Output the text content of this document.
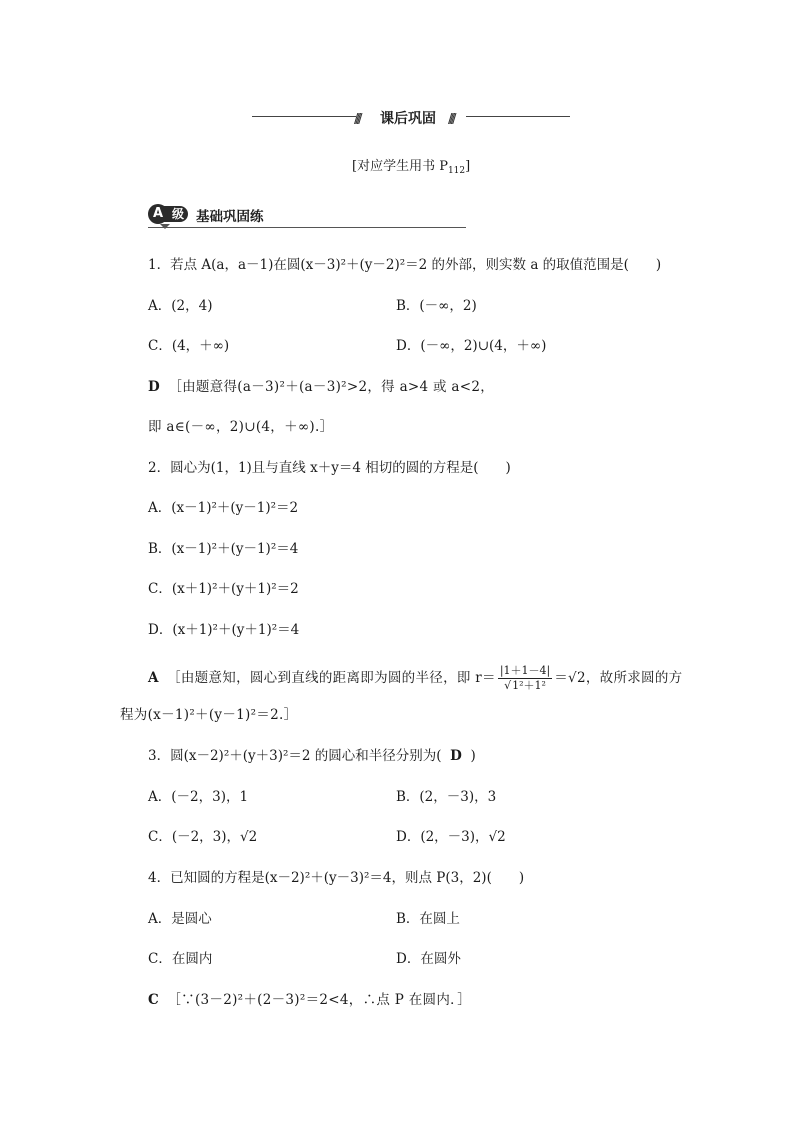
//// 课后巩固 ////
[对应学生用书 $P_{112}$]
级
A	基础巩固练
1．若点 A(a，a－1)在圆(x－3)²＋(y－2)²＝2 的外部，则实数 a 的取值范围是(　　)
A．(2，4)	B．(－∞，2)
C．(4，＋∞)	D．(－∞，2)∪(4，＋∞)
D ［由题意得(a－3)²＋(a－3)²>2，得 a>4 或 a<2，
即 a∈(－∞，2)∪(4，＋∞).］
2．圆心为(1，1)且与直线 x＋y＝4 相切的圆的方程是(　　)
A．(x－1)²＋(y－1)²＝2
B．(x－1)²＋(y－1)²＝4
C．(x＋1)²＋(y＋1)²＝2
D．(x＋1)²＋(y＋1)²＝4
A ［由题意知，圆心到直线的距离即为圆的半径，即 $r= \frac{|1+1-4|}{\text{√1²＋1²}} =√2$，故所求圆的方
程为(x－1)²＋(y－1)²＝2.］
3．圆(x－2)²＋(y＋3)²＝2 的圆心和半径分别为( D )
A．(－2，3)，1	B．(2，－3)，3
C．(－2，3)，√2	D．(2，－3)，√2
4．已知圆的方程是(x－2)²＋(y－3)²＝4，则点 P(3，2)(　　)
A．是圆心	B．在圆上
C．在圆内	D．在圆外
C ［∵(3－2)²＋(2－3)²＝2<4，∴点 P 在圆内．］
